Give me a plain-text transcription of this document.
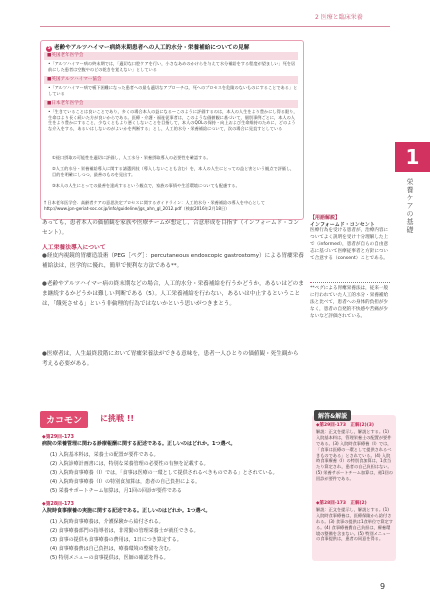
2 医療と臨床栄養
1
栄養ケアの基礎
5 老齢やアルツハイマー病終末期患者への人工的水分・栄養補給についての見解
■英国老年医学会
•「アルツハイマー病の終末期では，「適切な口腔ケアを行い，小さなあめのかけらを与えて水分補給をする程度が望ましい」死を居前にした患者は空腹やのどの乾きを覚えない」としている
■英国アルツハイマー協会
•「アルツハイマー病で嚥下困難になった患者への最も適切なアプローチは，死へのプロセスを危険のないものにすることである」としている
■日本老年医学会
•「生きていることは良いことであり，多くの場合本人の益になる—このように評価するのは，本人の人生をより豊かにし得る限り，生命はより長く続いた方が良いからである。医療・介護・福祉従事者は，このような価値観に基づいて，個別事例ごとに，本人の人生をより豊かにすること，少なくともより悪くしないことを目指して，本人のQOLの保持・向上および生命維持のために，どのような介入をする，あるいはしないのがよいかを判断する」とし，人工的水分・栄養補給について，次の場合に見直すとしている
①経口摂取の可能性を適切に評価し，人工水分・栄養摂取導入の必要性を確認する。
②人工的水分・栄養補給導入に関する諸選択肢（導入しないことも含む）を，本人の人生にとっての益と害という観点で評価し，目的を明確にしつつ，最善のものを見出す。
③本人の人生にとっての最善を達成するという観点で，家族の事情や生活環境についても配慮する。
† 日本老年医学会．高齢者ケアの意思決定プロセスに関するガイドライン：人工的水分・栄養補給の導入を中心として http://www.jpn-geriat-soc.or.jp/info/guideline/jgs_ahn_gl_2012.pdf（検索2016年2月18日）
【用語解説】
インフォームド・コンセント
医療行為を受ける患者が，治療内容についてよく説明を受け十分理解した上で（informed），患者が自らの自由意志に基づいて医療従事者と方針について合意する（consent）ことである。
**ペグによる胃瘻栄養法は，従来一般に行われていた人工的水分・栄養補給法と比べて，患者への身体的負担が少なく，患者の自発的不快感や苦痛が少ないなど評価されている。
あっても，患者本人の価値観を家族や医療チームが想定し，合意形成を目指す（インフォームド・コンセント）。
人工栄養法導入について
●経皮内視鏡的胃瘻造設術（PEG［ペグ］：percutaneous endoscopic gastrostomy）による胃瘻栄養補給法は，医学的に優れ，簡単で便利な方法である**。
●老齢やアルツハイマー病の終末期などの場合，人工的水分・栄養補給を行うかどうか，あるいはどのまま継続するかどうかは難しい判断である（5）。人工栄養補給を行わない，あるいは中止するということは，「餓死させる」という非倫理的行為ではないかという思いがつきまとう。
●医療者は，人生最終段階において胃瘻栄養法ができる意味を，患者一人ひとりの価値観・死生観から考える必要がある。
カコモン	に挑戦 !!
◆第29回-173
病院の栄養管理に関わる診療報酬に関する記述である。正しいのはどれか。1つ選べ。
(1) 入院基本料は，栄養士の配置が要件である。
(2) 入院診療計画書には，特別な栄養管理の必要性の有無を記載する。
(3) 入院時食事療養（Ⅰ）では，「食事は医療の一環として提供されるべきものである」とされている。
(4) 入院時食事療養（Ⅰ）の特別食加算は，患者の自己負担による。
(5) 栄養サポートチーム加算は，月1回の回診が要件である
◆第28回-173
入院時食事療養の実施に関する記述である。正しいのはどれか。1つ選べ。
(1) 入院時食事療養は，介護保険から給付される。
(2) 食事療養部門の指導者は，非常勤の管理栄養士が就任できる。
(3) 食事の提供も食事療養の費用は，1日につき算定する。
(4) 食事療養費は自己負担は，療養環境の整備を含む。
(5) 特別メニューの食事提供は，医師の確認を得る。
解答&解説
◆第29回-173　正解(2)(3)
解説：正文を提示し，解説とする。(1) 入院基本料は，管理栄養士の配置が要件である。(3) 入院時食事療養（Ⅰ）では，「食事は医療の一環として提供されるべきものである」とされている。(4) 入院時食事療養（Ⅰ）の特別食加算は，1食当たり算定され，患者の自己負担はない。(5) 栄養サポートチーム加算は，週1回の回診が要件である。
◆第28回-173　正解(2)
解説：正文を提示し，解説とする。(1) 入院時食事療養は，医療保険から給付される。(3) 食事の提供は1食単位で算定する。(4) 食事療養費自己負担は，療養環境の整備を含まない。(5) 特別メニューの食事提供は，患者の同意を得る。
9
